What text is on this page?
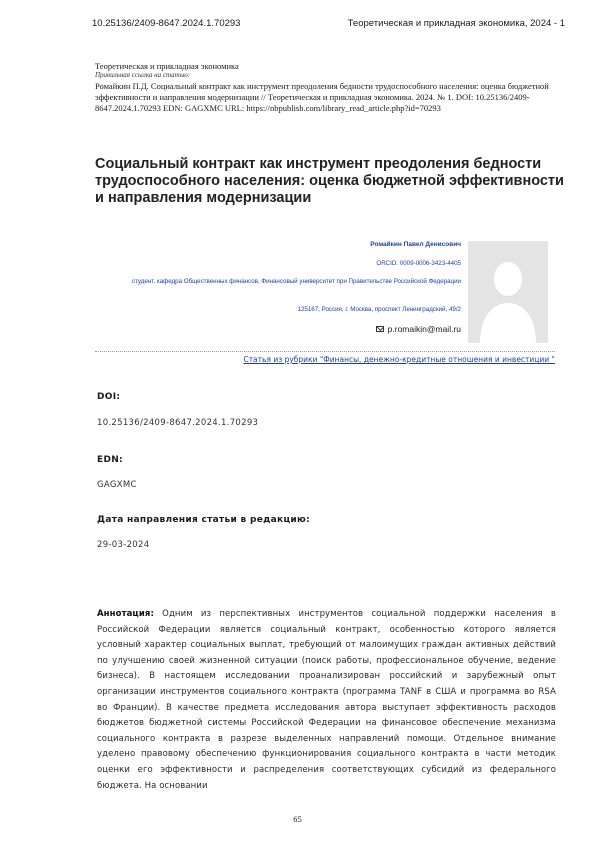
10.25136/2409-8647.2024.1.70293	Теоретическая и прикладная экономика, 2024 - 1
Теоретическая и прикладная экономика
Правильная ссылка на статью:
Ромайкин П.Д. Социальный контракт как инструмент преодоления бедности трудоспособного населения: оценка бюджетной эффективности и направления модернизации // Теоретическая и прикладная экономика. 2024. № 1. DOI: 10.25136/2409-8647.2024.1.70293 EDN: GAGXMC URL: https://nbpublish.com/library_read_article.php?id=70293
Социальный контракт как инструмент преодоления бедности трудоспособного населения: оценка бюджетной эффективности и направления модернизации
Ромайкин Павел Денисович
ORCID: 0009-0006-3423-4405
студент, кафедра Общественных финансов, Финансовый университет при Правительстве Российской Федерации
125167, Россия, г. Москва, проспект Ленинградский, 49/2
p.romaikin@mail.ru
Статья из рубрики "Финансы, денежно-кредитные отношения и инвестиции "
DOI:
10.25136/2409-8647.2024.1.70293
EDN:
GAGXMC
Дата направления статьи в редакцию:
29-03-2024
Аннотация: Одним из перспективных инструментов социальной поддержки населения в Российской Федерации является социальный контракт, особенностью которого является условный характер социальных выплат, требующий от малоимущих граждан активных действий по улучшению своей жизненной ситуации (поиск работы, профессиональное обучение, ведение бизнеса). В настоящем исследовании проанализирован российский и зарубежный опыт организации инструментов социального контракта (программа TANF в США и программа во RSA во Франции). В качестве предмета исследования автора выступает эффективность расходов бюджетов бюджетной системы Российской Федерации на финансовое обеспечение механизма социального контракта в разрезе выделенных направлений помощи. Отдельное внимание уделено правовому обеспечению функционирования социального контракта в части методик оценки его эффективности и распределения соответствующих субсидий из федерального бюджета. На основании
65
